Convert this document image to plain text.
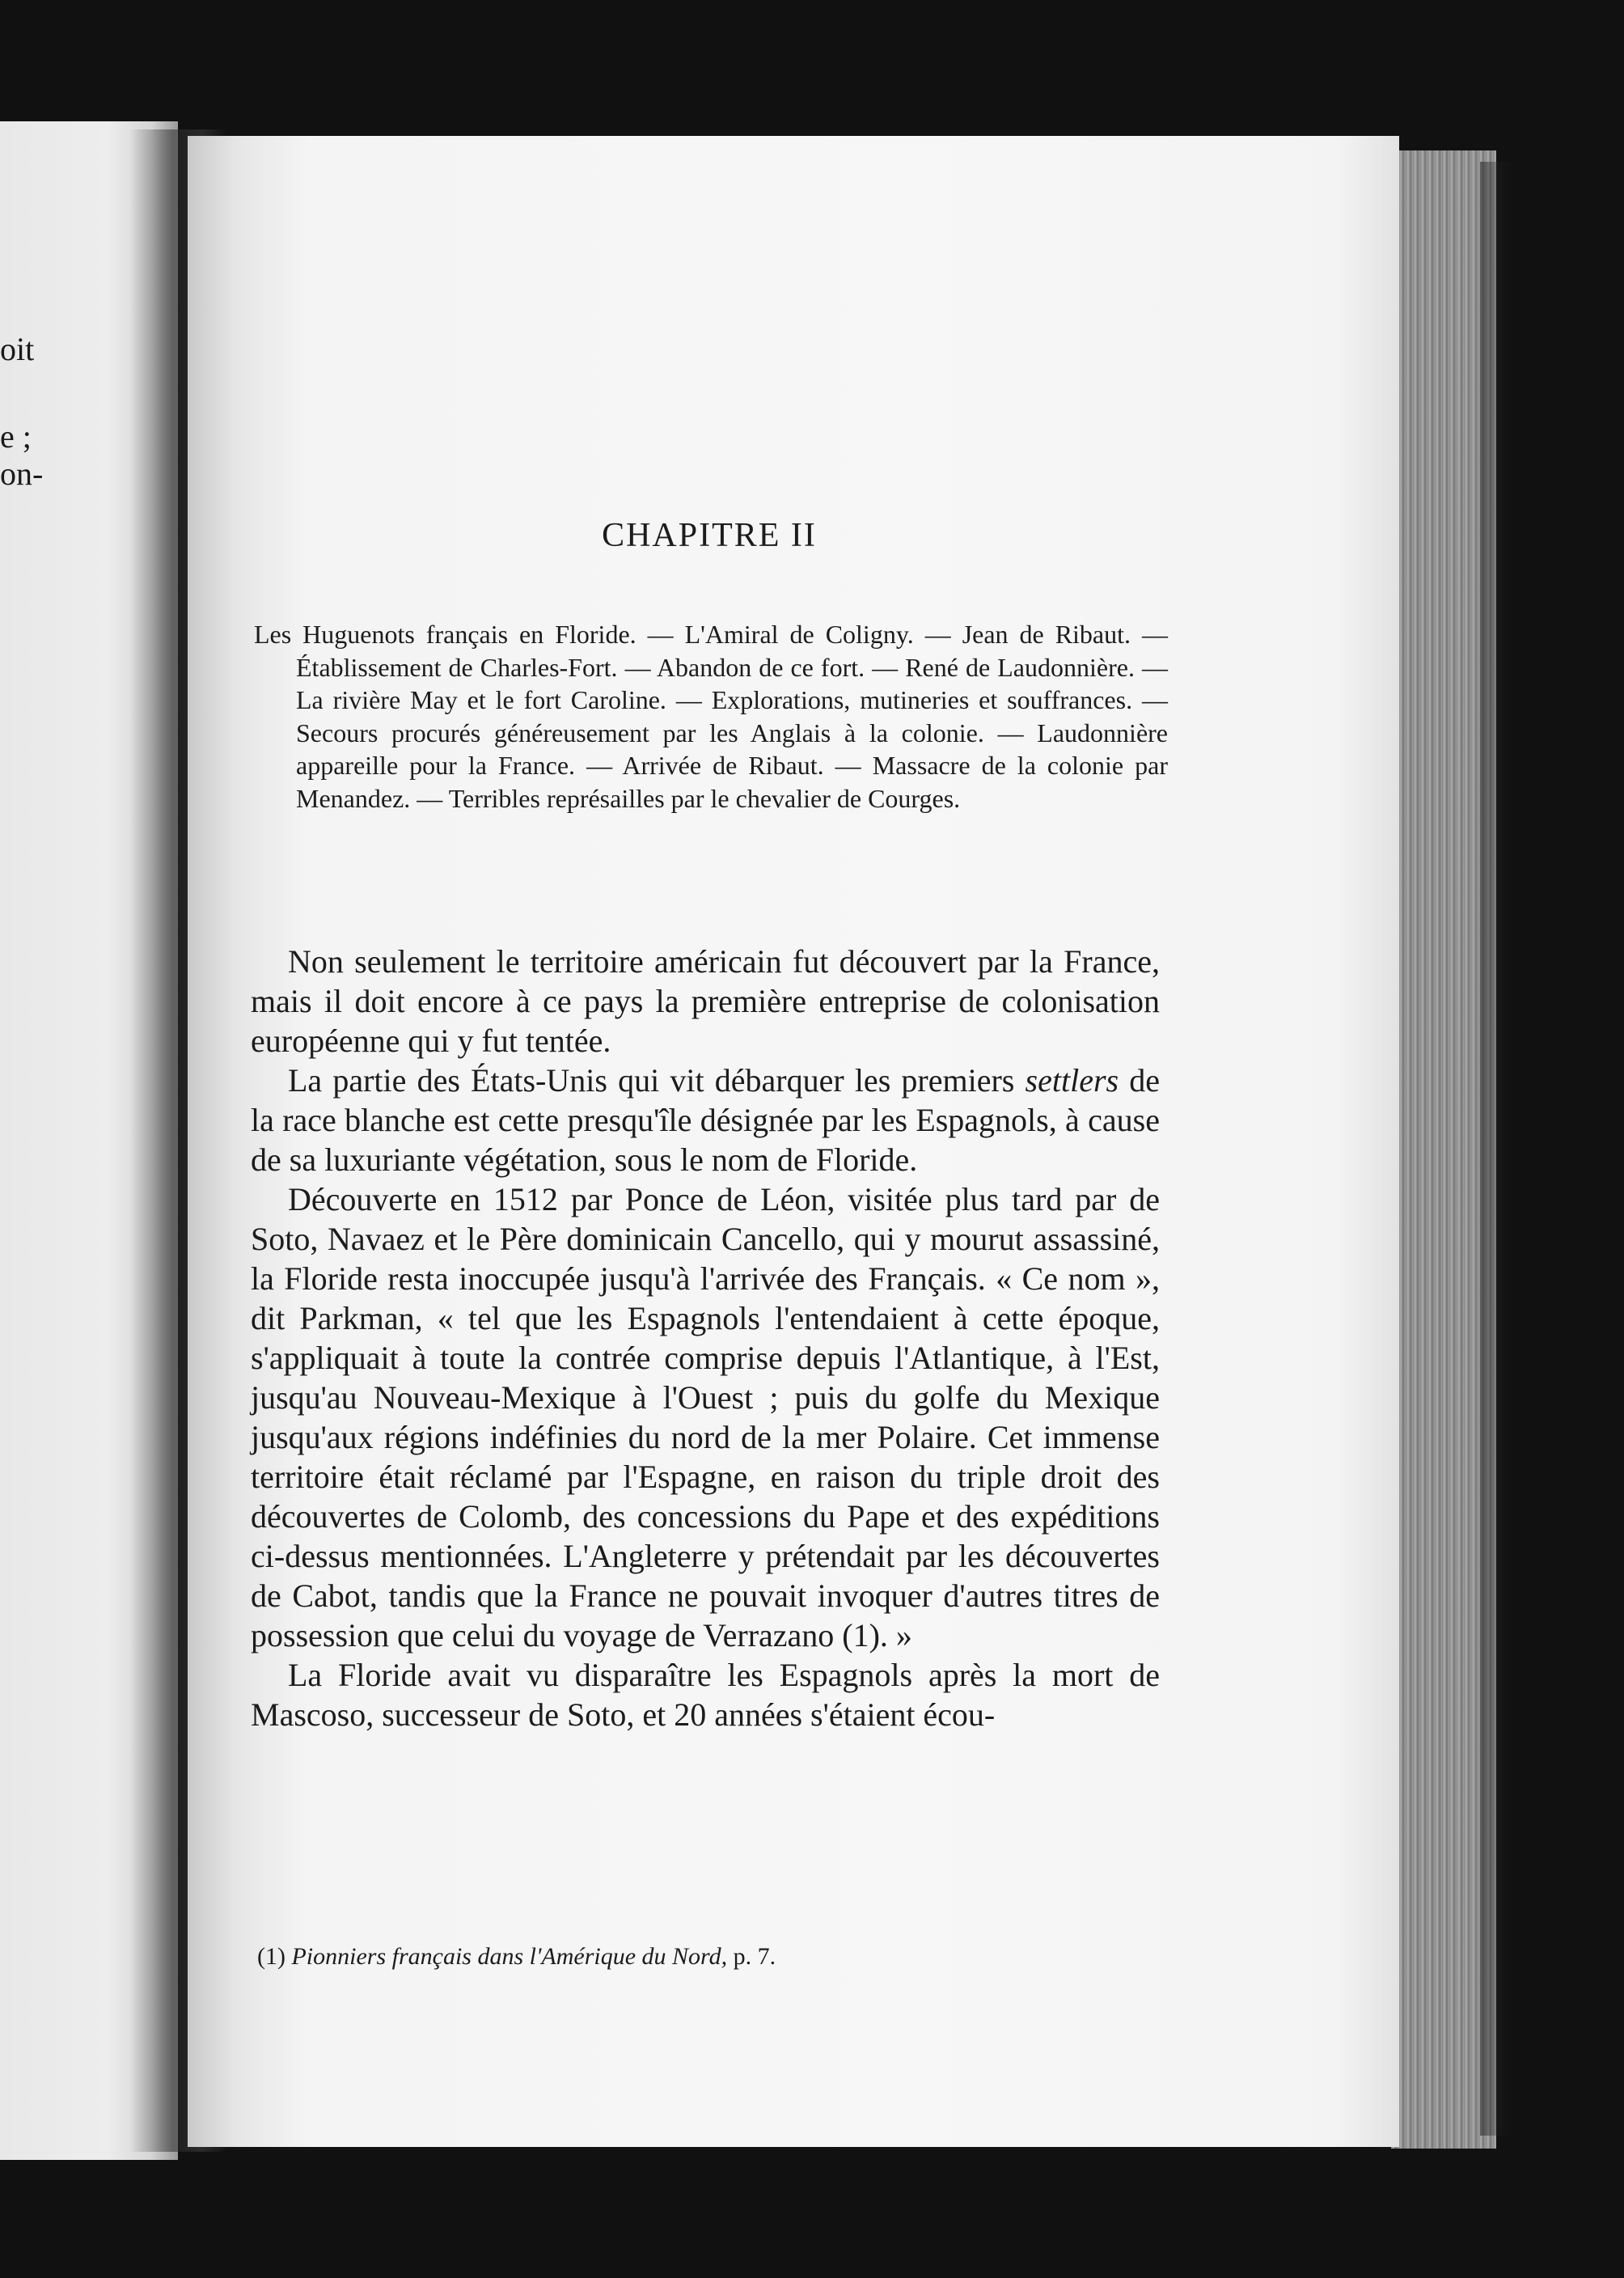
oit
e ;
on-
CHAPITRE II
Les Huguenots français en Floride. — L'Amiral de Coligny. — Jean de Ribaut. — Établissement de Charles-Fort. — Abandon de ce fort. — René de Laudonnière. — La rivière May et le fort Caroline. — Explorations, mutineries et souffrances. — Secours procurés généreusement par les Anglais à la colonie. — Laudonnière appareille pour la France. — Arrivée de Ribaut. — Massacre de la colonie par Menandez. — Terribles représailles par le chevalier de Courges.

Non seulement le territoire américain fut découvert par la France, mais il doit encore à ce pays la première entreprise de colonisation européenne qui y fut tentée.

La partie des États-Unis qui vit débarquer les premiers settlers de la race blanche est cette presqu'île désignée par les Espagnols, à cause de sa luxuriante végétation, sous le nom de Floride.

Découverte en 1512 par Ponce de Léon, visitée plus tard par de Soto, Navaez et le Père dominicain Cancello, qui y mourut assassiné, la Floride resta inoccupée jusqu'à l'arrivée des Français. « Ce nom », dit Parkman, « tel que les Espagnols l'entendaient à cette époque, s'appliquait à toute la contrée comprise depuis l'Atlantique, à l'Est, jusqu'au Nouveau-Mexique à l'Ouest ; puis du golfe du Mexique jusqu'aux régions indéfinies du nord de la mer Polaire. Cet immense territoire était réclamé par l'Espagne, en raison du triple droit des découvertes de Colomb, des concessions du Pape et des expéditions ci-dessus mentionnées. L'Angleterre y prétendait par les découvertes de Cabot, tandis que la France ne pouvait invoquer d'autres titres de possession que celui du voyage de Verrazano (1). »

La Floride avait vu disparaître les Espagnols après la mort de Mascoso, successeur de Soto, et 20 années s'étaient écou-

(1) Pionniers français dans l'Amérique du Nord, p. 7.
